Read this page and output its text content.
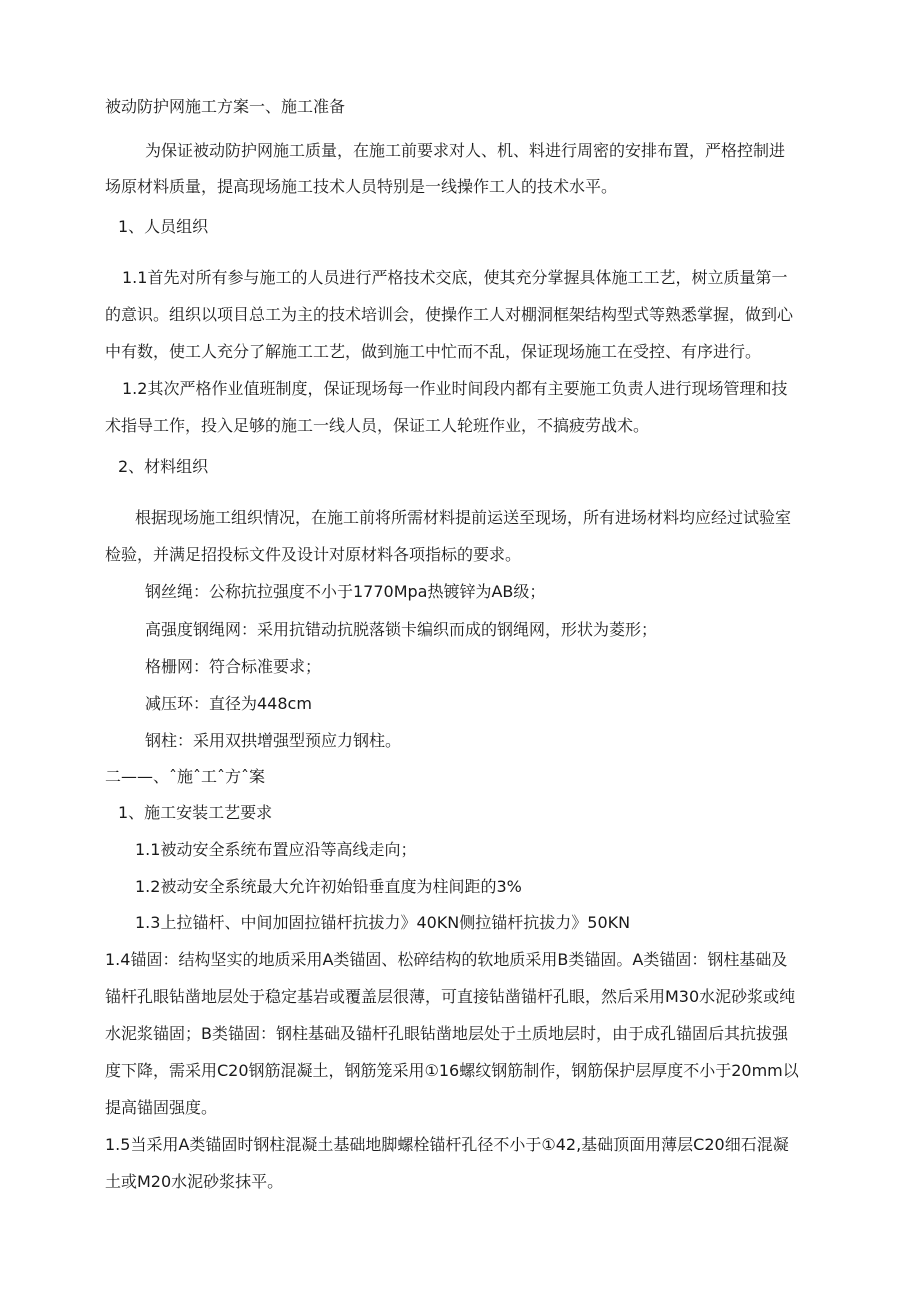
被动防护网施工方案一、施工准备
为保证被动防护网施工质量，在施工前要求对人、机、料进行周密的安排布置，严格控制进
场原材料质量，提高现场施工技术人员特别是一线操作工人的技术水平。
1、人员组织
1.1首先对所有参与施工的人员进行严格技术交底，使其充分掌握具体施工工艺，树立质量第一
的意识。组织以项目总工为主的技术培训会，使操作工人对棚洞框架结构型式等熟悉掌握，做到心
中有数，使工人充分了解施工工艺，做到施工中忙而不乱，保证现场施工在受控、有序进行。
1.2其次严格作业值班制度，保证现场每一作业时间段内都有主要施工负责人进行现场管理和技
术指导工作，投入足够的施工一线人员，保证工人轮班作业，不搞疲劳战术。
2、材料组织
根据现场施工组织情况，在施工前将所需材料提前运送至现场，所有进场材料均应经过试验室
检验，并满足招投标文件及设计对原材料各项指标的要求。
钢丝绳：公称抗拉强度不小于1770Mpa热镀锌为AB级；
高强度钢绳网：采用抗错动抗脱落锁卡编织而成的钢绳网，形状为菱形；
格栅网：符合标准要求；
减压环：直径为448cm
钢柱：采用双拱增强型预应力钢柱。
二——、ˆ施ˆ工ˆ方ˆ案
1、施工安装工艺要求
1.1被动安全系统布置应沿等高线走向；
1.2被动安全系统最大允许初始铅垂直度为柱间距的3%
1.3上拉锚杆、中间加固拉锚杆抗拔力》40KN侧拉锚杆抗拔力》50KN
1.4锚固：结构坚实的地质采用A类锚固、松碎结构的软地质采用B类锚固。A类锚固：钢柱基础及
锚杆孔眼钻凿地层处于稳定基岩或覆盖层很薄，可直接钻凿锚杆孔眼，然后采用M30水泥砂浆或纯
水泥浆锚固；B类锚固：钢柱基础及锚杆孔眼钻凿地层处于土质地层时，由于成孔锚固后其抗拔强
度下降，需采用C20钢筋混凝土，钢筋笼采用①16螺纹钢筋制作，钢筋保护层厚度不小于20mm以
提高锚固强度。
1.5当采用A类锚固时钢柱混凝土基础地脚螺栓锚杆孔径不小于①42,基础顶面用薄层C20细石混凝
土或M20水泥砂浆抹平。
